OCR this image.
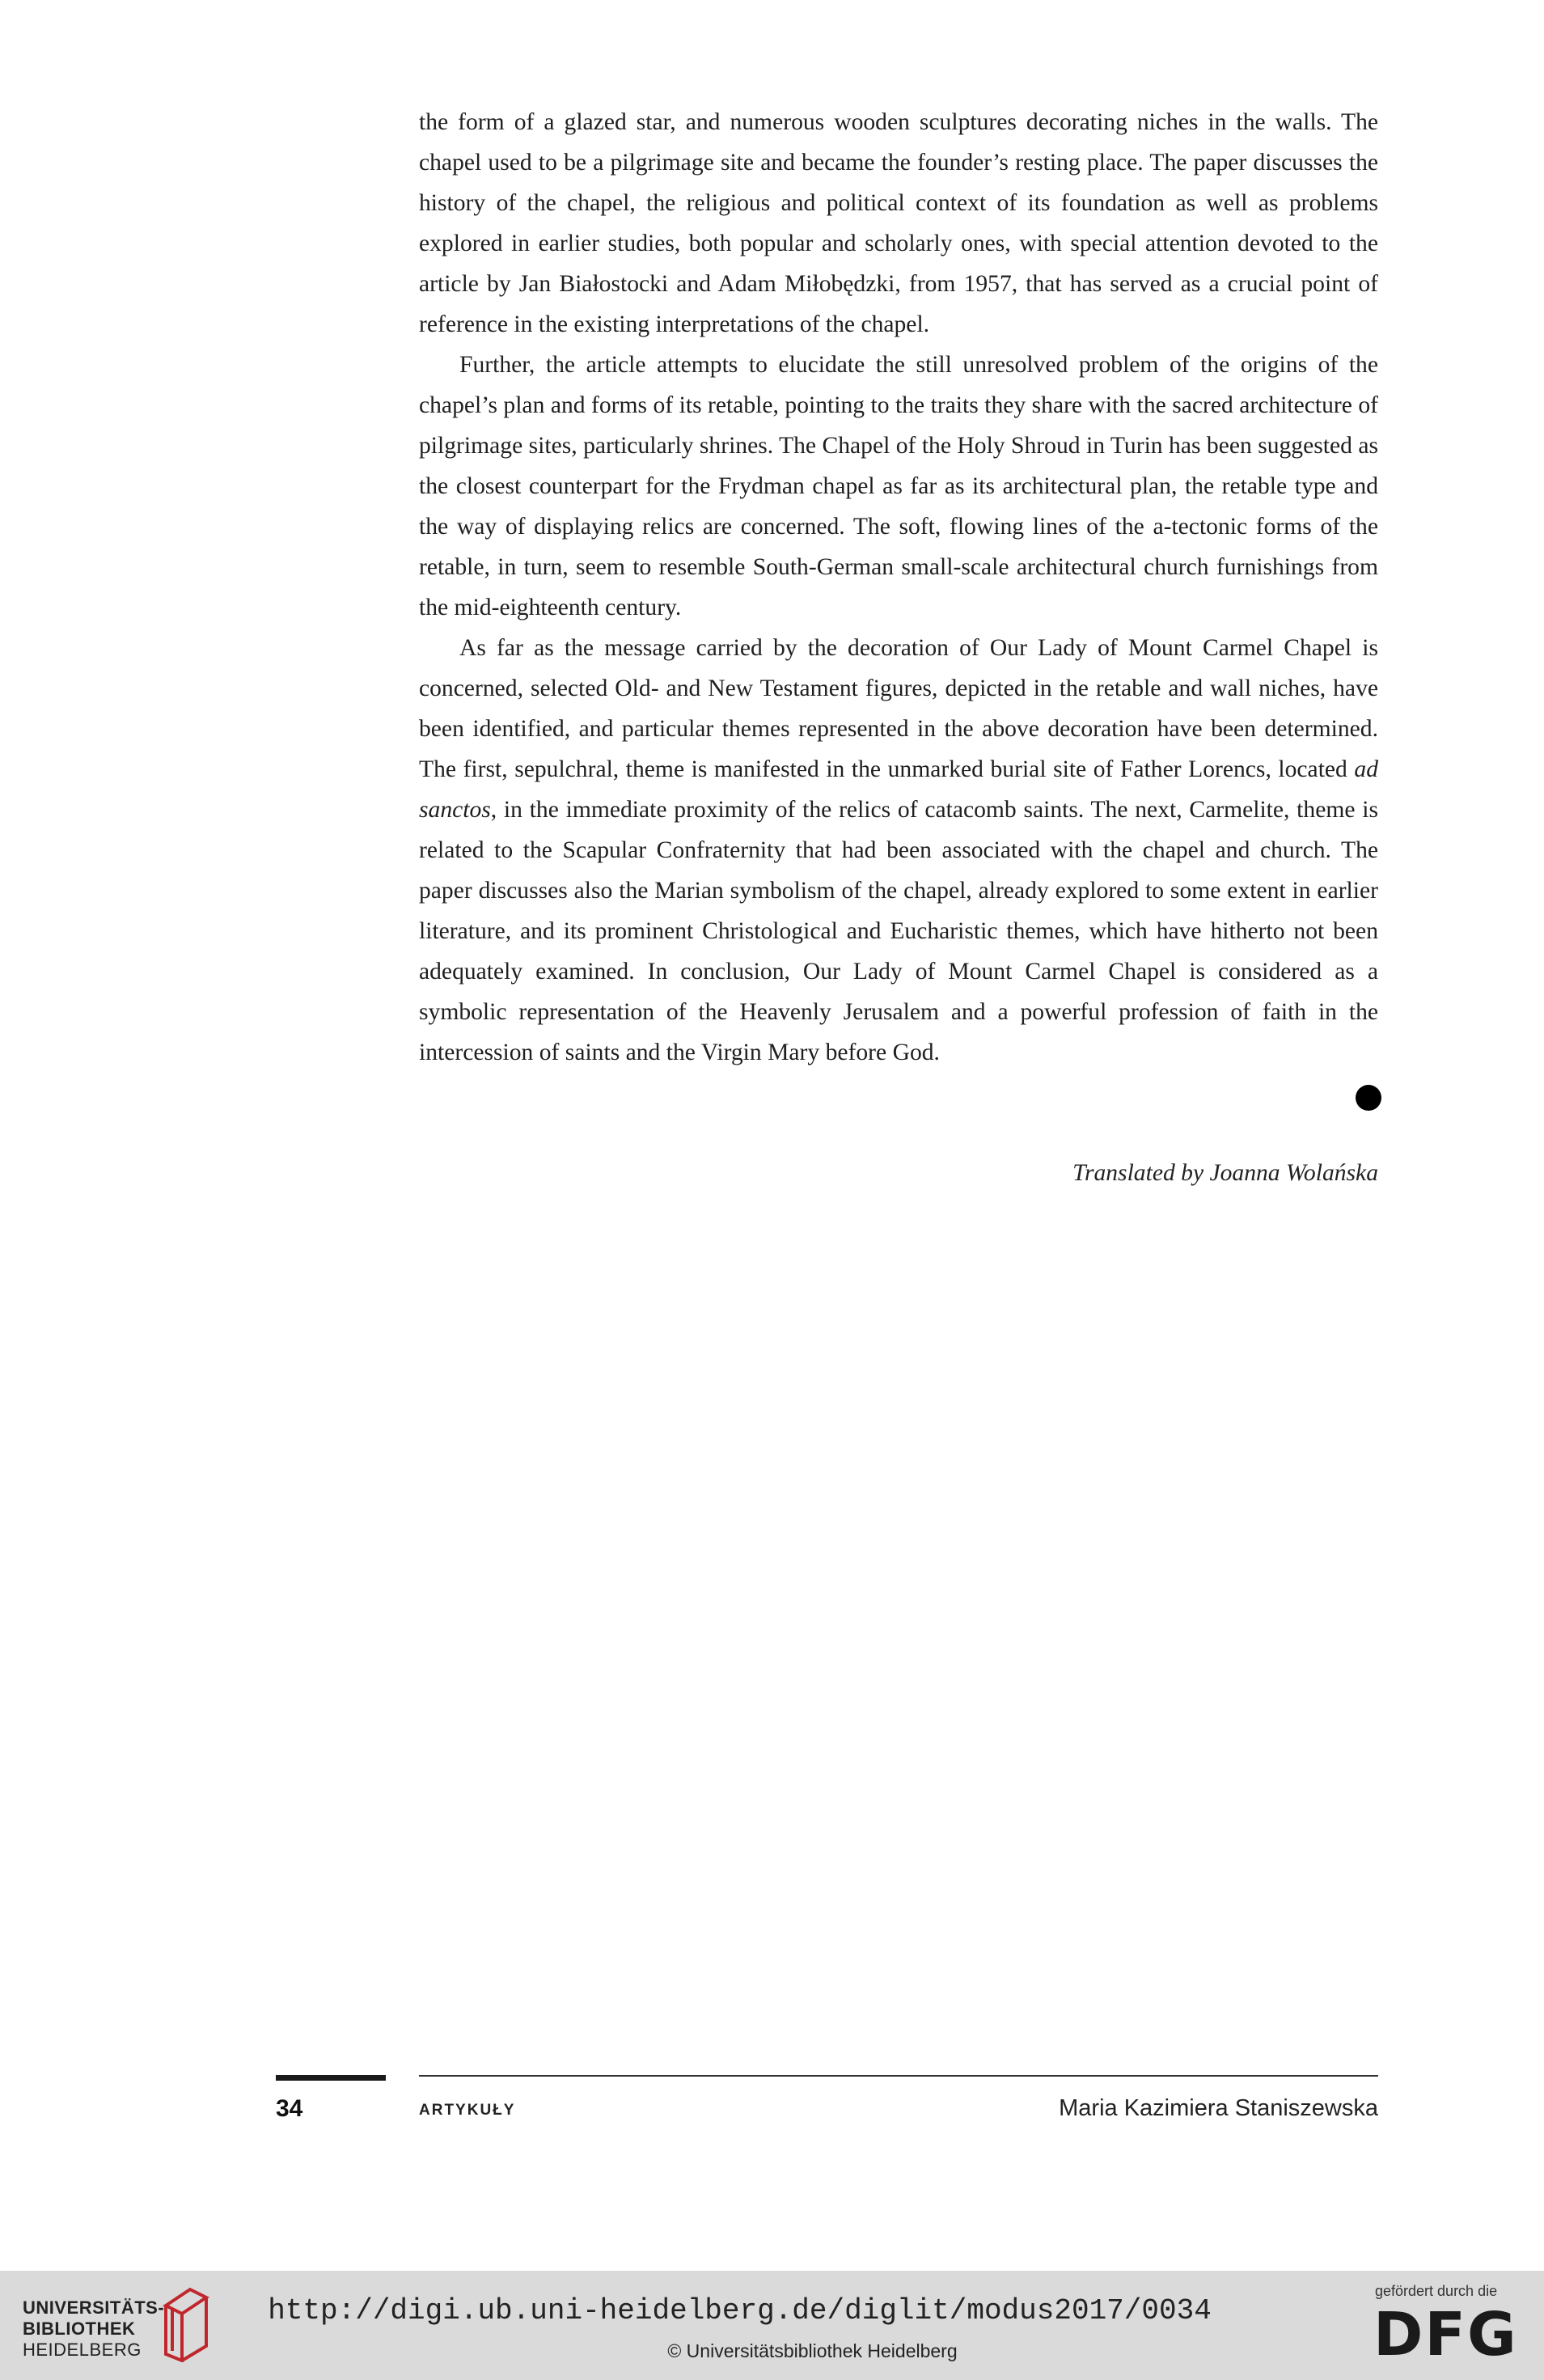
the form of a glazed star, and numerous wooden sculptures decorating niches in the walls. The chapel used to be a pilgrimage site and became the founder’s resting place. The paper discusses the history of the chapel, the religious and political context of its foundation as well as problems explored in earlier studies, both popular and scholarly ones, with special attention devoted to the article by Jan Białostocki and Adam Miłobędzki, from 1957, that has served as a crucial point of reference in the existing interpretations of the chapel.

Further, the article attempts to elucidate the still unresolved problem of the origins of the chapel’s plan and forms of its retable, pointing to the traits they share with the sacred architecture of pilgrimage sites, particularly shrines. The Chapel of the Holy Shroud in Turin has been suggested as the closest counterpart for the Frydman chapel as far as its architectural plan, the retable type and the way of displaying relics are concerned. The soft, flowing lines of the a-tectonic forms of the retable, in turn, seem to resemble South-German small-scale architectural church furnishings from the mid-eighteenth century.

As far as the message carried by the decoration of Our Lady of Mount Carmel Chapel is concerned, selected Old- and New Testament figures, depicted in the retable and wall niches, have been identified, and particular themes represented in the above decoration have been determined. The first, sepulchral, theme is manifested in the unmarked burial site of Father Lorencs, located ad sanctos, in the immediate proximity of the relics of catacomb saints. The next, Carmelite, theme is related to the Scapular Confraternity that had been associated with the chapel and church. The paper discusses also the Marian symbolism of the chapel, already explored to some extent in earlier literature, and its prominent Christological and Eucharistic themes, which have hitherto not been adequately examined. In conclusion, Our Lady of Mount Carmel Chapel is considered as a symbolic representation of the Heavenly Jerusalem and a powerful profession of faith in the intercession of saints and the Virgin Mary before God.

Translated by Joanna Wolańska
34	ARTYKUŁY	Maria Kazimiera Staniszewska
UNIVERSITÄTS-
BIBLIOTHEK
HEIDELBERG
http://digi.ub.uni-heidelberg.de/diglit/modus2017/0034
© Universitätsbibliothek Heidelberg
gefördert durch die
DFG
